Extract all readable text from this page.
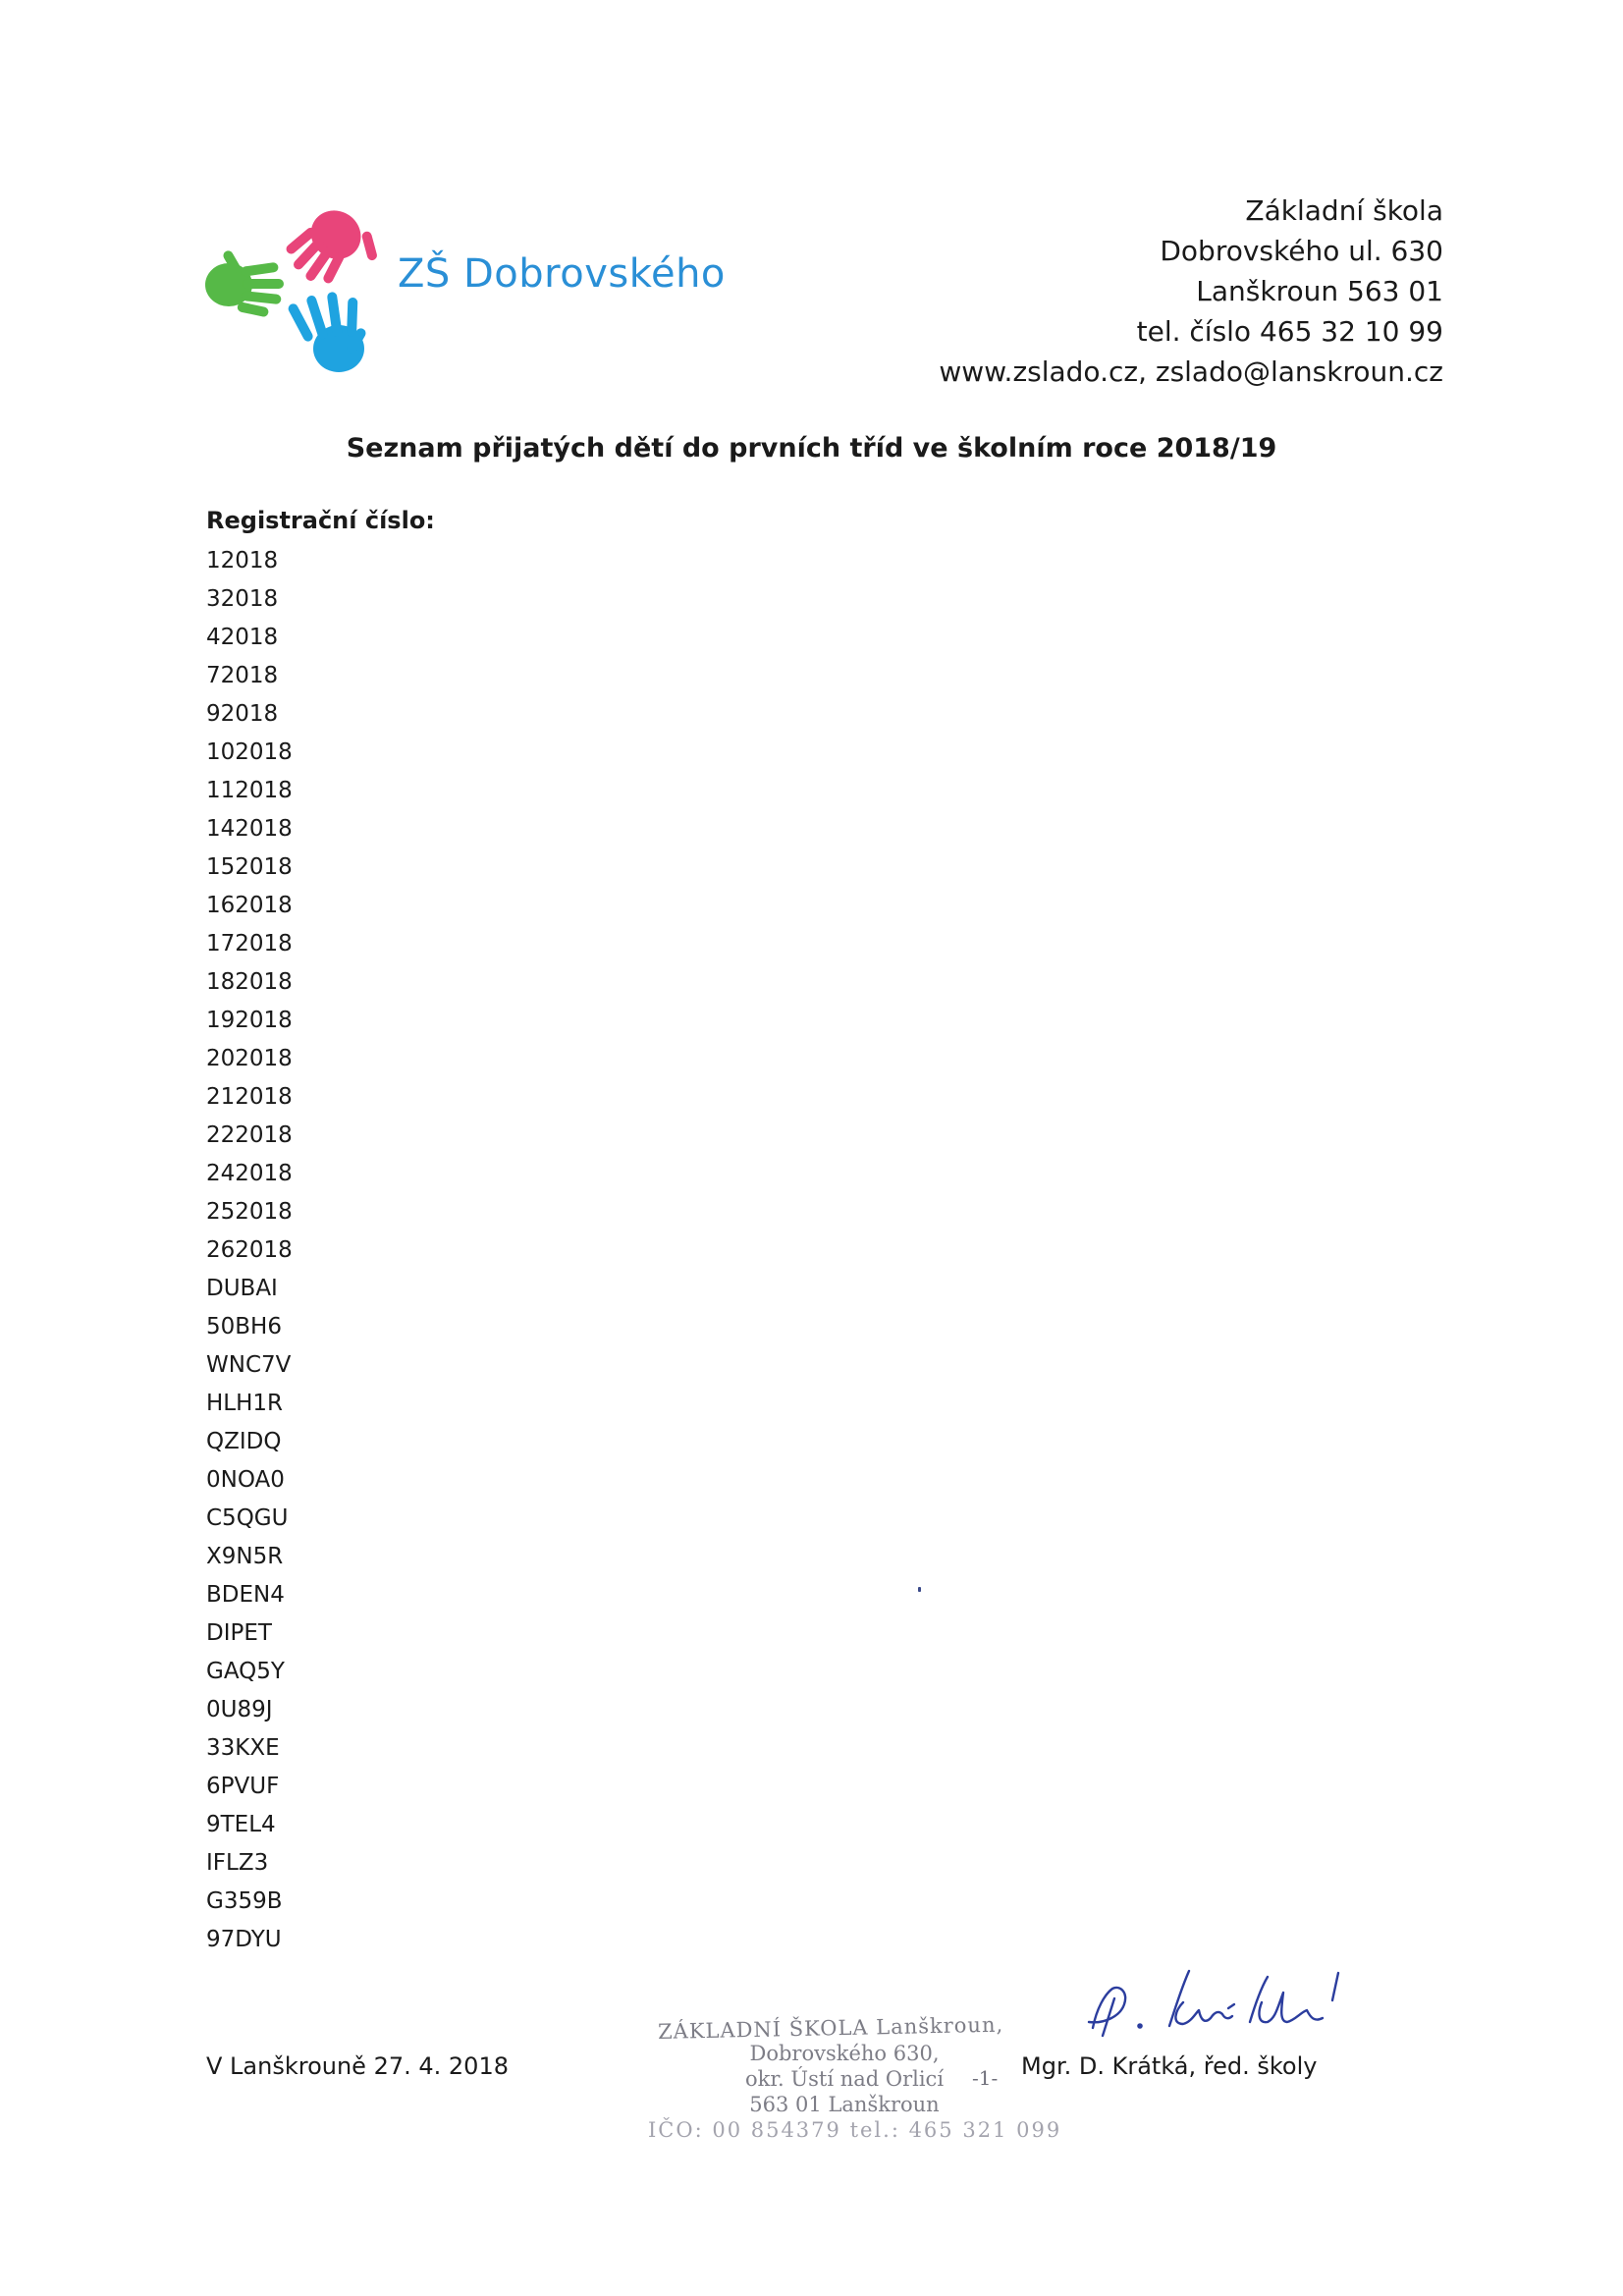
ZŠ Dobrovského
Základní škola
Dobrovského ul. 630
Lanškroun 563 01
tel. číslo 465 32 10 99
www.zslado.cz, zslado@lanskroun.cz
Seznam přijatých dětí do prvních tříd ve školním roce 2018/19
Registrační číslo:
12018
32018
42018
72018
92018
102018
112018
142018
152018
162018
172018
182018
192018
202018
212018
222018
242018
252018
262018
DUBAI
50BH6
WNC7V
HLH1R
QZIDQ
0NOA0
C5QGU
X9N5R
BDEN4
DIPET
GAQ5Y
0U89J
33KXE
6PVUF
9TEL4
IFLZ3
G359B
97DYU
V Lanškrouně 27. 4. 2018
ZÁKLADNÍ ŠKOLA Lanškroun,
Dobrovského 630,
okr. Ústí nad Orlicí
563 01 Lanškroun
IČO: 00 854379 tel.: 465 321 099
-1- Mgr. D. Krátká, řed. školy
